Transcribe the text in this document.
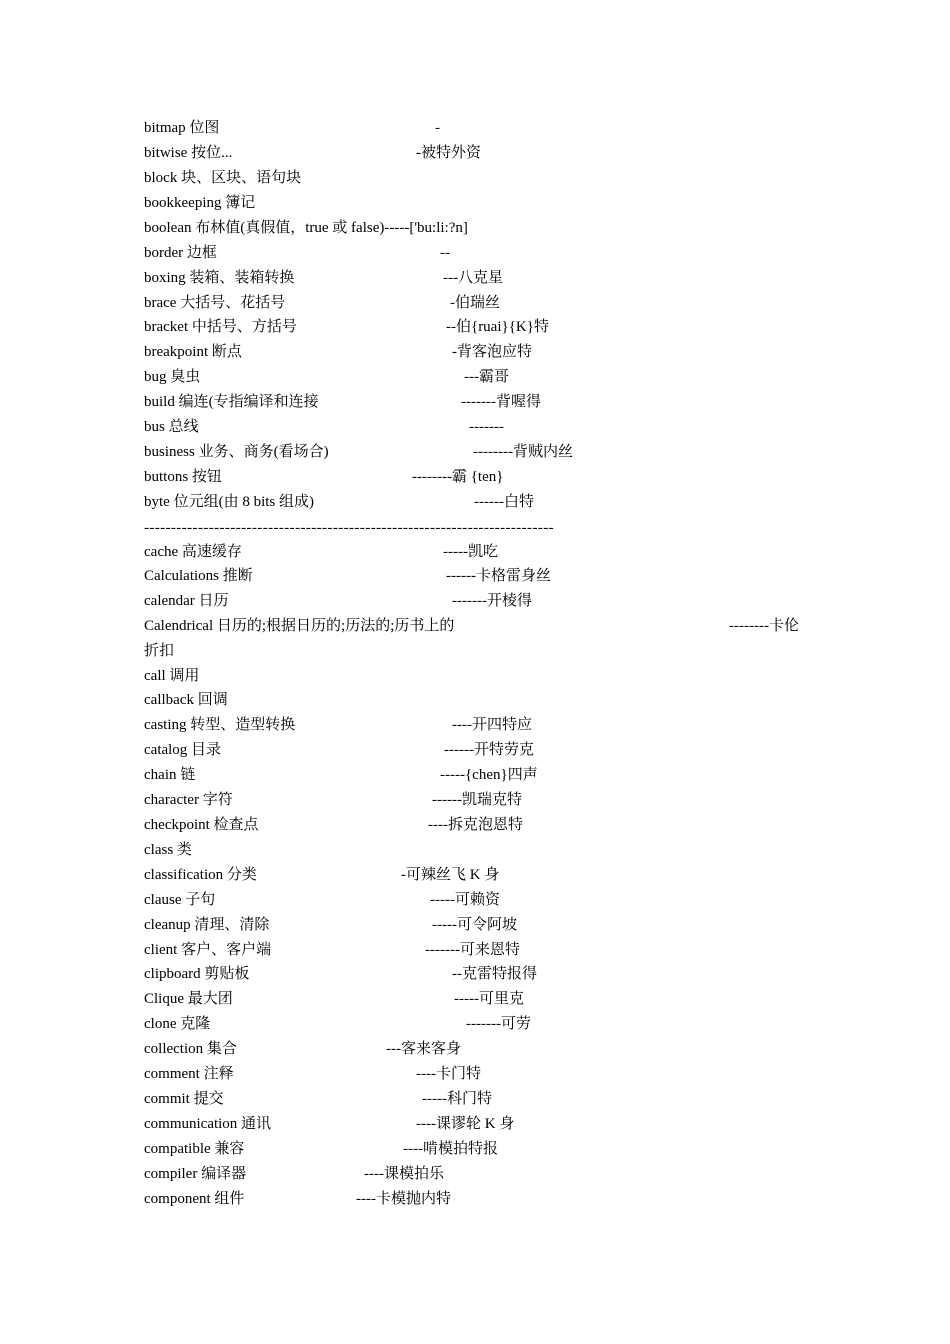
bitmap 位图	-
bitwise 按位...	-被特外资
block 块、区块、语句块
bookkeeping 簿记
boolean 布林值(真假值，true 或 false)-----['bu:li:?n]
border 边框	--
boxing 装箱、装箱转换	---八克星
brace 大括号、花括号	-伯瑞丝
bracket 中括号、方括号	--伯{ruai}{K}特
breakpoint 断点	-背客泡应特
bug 臭虫	---霸哥
build 编连(专指编译和连接	-------背喔得
bus 总线	-------
business 业务、商务(看场合)	--------背贼内丝
buttons 按钮	--------霸 {ten}
byte 位元组(由 8 bits 组成)	------白特
----------------------------------------------------------------------------
cache 高速缓存	-----凯吃
Calculations 推断	------卡格雷身丝
calendar 日历	-------开棱得
Calendrical 日历的;根据日历的;历法的;历书上的	--------卡伦
折扣
call 调用
callback 回调
casting 转型、造型转换	----开四特应
catalog 目录	------开特劳克
chain 链	-----{chen}四声
character 字符	------凯瑞克特
checkpoint 检查点	----拆克泡恩特
class 类
classification 分类	-可辣丝飞 K 身
clause 子句	-----可赖资
cleanup 清理、清除	-----可令阿坡
client 客户、客户端	-------可来恩特
clipboard 剪贴板	--克雷特报得
Clique 最大团	-----可里克
clone 克隆	-------可劳
collection 集合	---客来客身
comment 注释	----卡门特
commit 提交	-----科门特
communication 通讯	----课谬轮 K 身
compatible 兼容	----啃模拍特报
compiler 编译器	----课模拍乐
component 组件	----卡模抛内特
